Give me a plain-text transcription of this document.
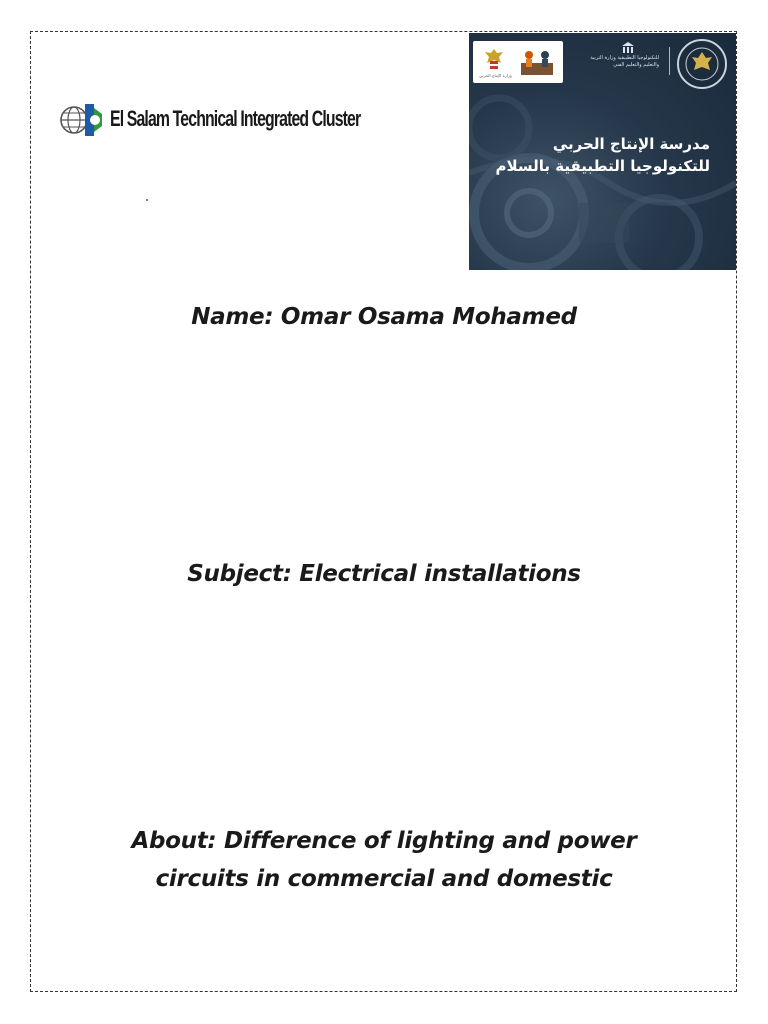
El Salam Technical Integrated Cluster
وزارة الإنتاج الحربي
للتكنولوجيا التطبيقية وزارة التربية والتعليم والتعليم الفني
مدرسة الإنتاج الحربي
للتكنولوجيا التطبيقية بالسلام
Name: Omar Osama Mohamed
Subject: Electrical installations
About: Difference of lighting and power
circuits in commercial and domestic
